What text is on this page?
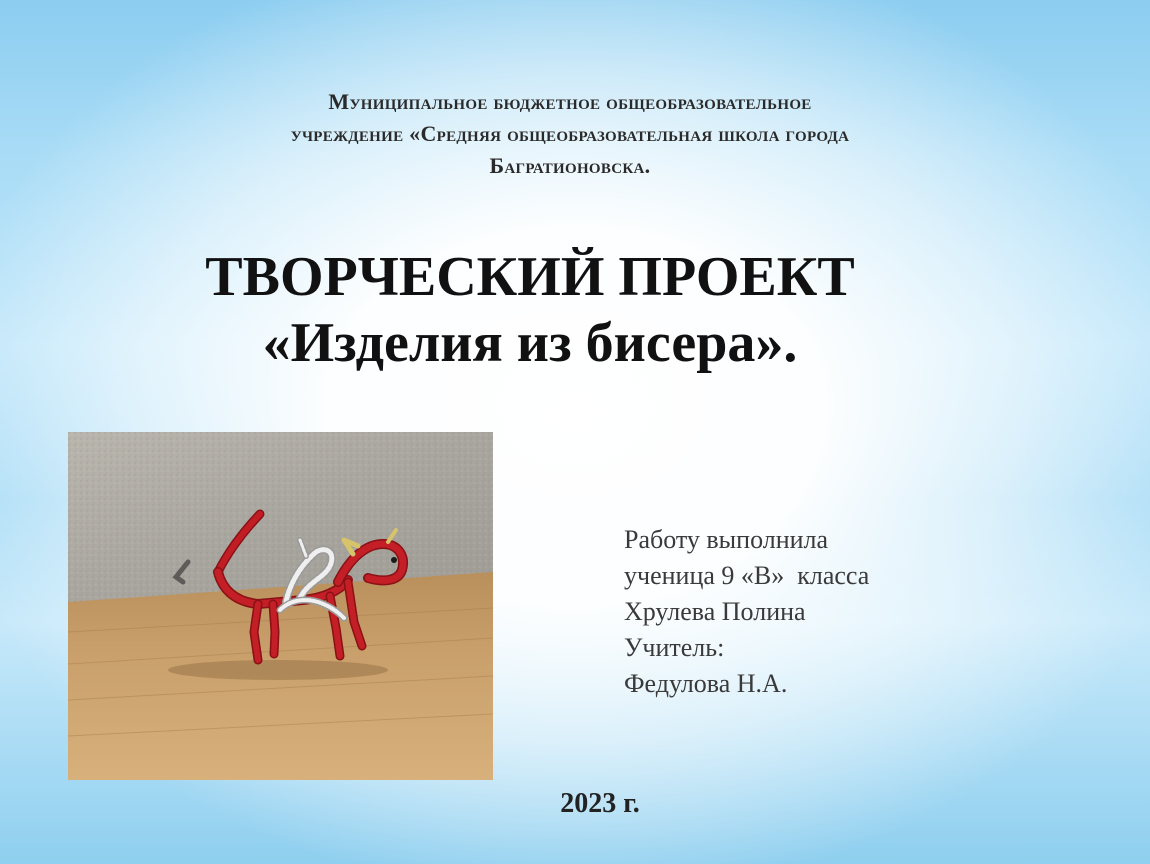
Муниципальное бюджетное общеобразовательное
учреждение «Средняя общеобразовательная школа города
Багратионовска.
ТВОРЧЕСКИЙ ПРОЕКТ
«Изделия из бисера».
Работу выполнила
ученица 9 «В»  класса
Хрулева Полина
Учитель:
Федулова Н.А.
2023 г.
